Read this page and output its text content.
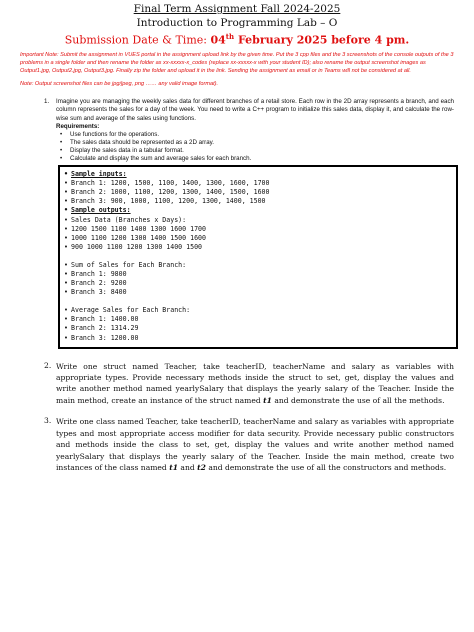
Final Term Assignment Fall 2024-2025
Introduction to Programming Lab – O
Submission Date & Time: 04th February 2025 before 4 pm.
Important Note: Submit the assignment in VUES portal in the assignment upload link by the given time. Put the 3 cpp files and the 3 screenshots of the console outputs of the 3 problems in a single folder and then rename the folder as xx-xxxxx-x_codes (replace xx-xxxxx-x with your student ID); also rename the output screenshot images as Output1.jpg, Output2.jpg, Output3.jpg. Finally zip the folder and upload it in the link. Sending the assignment as email or in Teams will not be considered at all.
Note: Output screenshot files can be jpg/jpeg, png …… any valid image format).
1. Imagine you are managing the weekly sales data for different branches of a retail store. Each row in the 2D array represents a branch, and each column represents the sales for a day of the week. You need to write a C++ program to initialize this sales data, display it, and calculate the row-wise sum and average of the sales using functions.
Requirements:
• Use functions for the operations.
• The sales data should be represented as a 2D array.
• Display the sales data in a tabular format.
• Calculate and display the sum and average sales for each branch.
• Sample inputs:
• Branch 1: 1200, 1500, 1100, 1400, 1300, 1600, 1700
• Branch 2: 1000, 1100, 1200, 1300, 1400, 1500, 1600
• Branch 3: 900, 1000, 1100, 1200, 1300, 1400, 1500
• Sample outputs:
• Sales Data (Branches x Days):
• 1200 1500 1100 1400 1300 1600 1700
• 1000 1100 1200 1300 1400 1500 1600
• 900 1000 1100 1200 1300 1400 1500
• Sum of Sales for Each Branch:
• Branch 1: 9800
• Branch 2: 9200
• Branch 3: 8400
• Average Sales for Each Branch:
• Branch 1: 1400.00
• Branch 2: 1314.29
• Branch 3: 1200.00
2. Write one struct named Teacher, take teacherID, teacherName and salary as variables with appropriate types. Provide necessary methods inside the struct to set, get, display the values and write another method named yearlySalary that displays the yearly salary of the Teacher. Inside the main method, create an instance of the struct named t1 and demonstrate the use of all the methods.
3. Write one class named Teacher, take teacherID, teacherName and salary as variables with appropriate types and most appropriate access modifier for data security. Provide necessary public constructors and methods inside the class to set, get, display the values and write another method named yearlySalary that displays the yearly salary of the Teacher. Inside the main method, create two instances of the class named t1 and t2 and demonstrate the use of all the constructors and methods.
